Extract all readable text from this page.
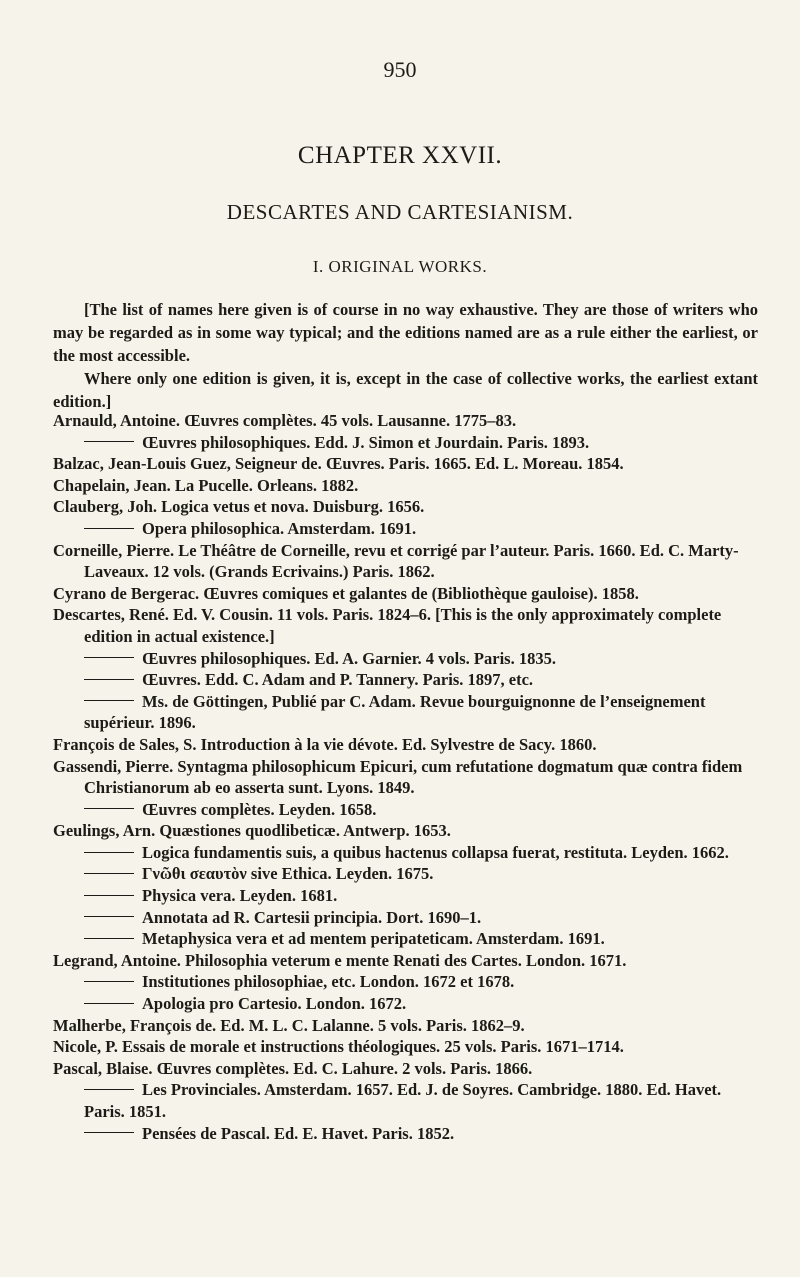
950
CHAPTER XXVII.
DESCARTES AND CARTESIANISM.
I. ORIGINAL WORKS.

[The list of names here given is of course in no way exhaustive. They are those of writers who may be regarded as in some way typical; and the editions named are as a rule either the earliest, or the most accessible.

Where only one edition is given, it is, except in the case of collective works, the earliest extant edition.]

Arnauld, Antoine. Œuvres complètes. 45 vols. Lausanne. 1775–83.

Œuvres philosophiques. Edd. J. Simon et Jourdain. Paris. 1893.

Balzac, Jean-Louis Guez, Seigneur de. Œuvres. Paris. 1665. Ed. L. Moreau. 1854.

Chapelain, Jean. La Pucelle. Orleans. 1882.

Clauberg, Joh. Logica vetus et nova. Duisburg. 1656.

Opera philosophica. Amsterdam. 1691.

Corneille, Pierre. Le Théâtre de Corneille, revu et corrigé par l’auteur. Paris. 1660. Ed. C. Marty-Laveaux. 12 vols. (Grands Ecrivains.) Paris. 1862.

Cyrano de Bergerac. Œuvres comiques et galantes de (Bibliothèque gauloise). 1858.

Descartes, René. Ed. V. Cousin. 11 vols. Paris. 1824–6. [This is the only approximately complete edition in actual existence.]

Œuvres philosophiques. Ed. A. Garnier. 4 vols. Paris. 1835.

Œuvres. Edd. C. Adam and P. Tannery. Paris. 1897, etc.

Ms. de Göttingen, Publié par C. Adam. Revue bourguignonne de l’enseignement supérieur. 1896.

François de Sales, S. Introduction à la vie dévote. Ed. Sylvestre de Sacy. 1860.

Gassendi, Pierre. Syntagma philosophicum Epicuri, cum refutatione dogmatum quæ contra fidem Christianorum ab eo asserta sunt. Lyons. 1849.

Œuvres complètes. Leyden. 1658.

Geulings, Arn. Quæstiones quodlibeticæ. Antwerp. 1653.

Logica fundamentis suis, a quibus hactenus collapsa fuerat, restituta. Leyden. 1662.

Γνῶθι σεαυτὸν sive Ethica. Leyden. 1675.

Physica vera. Leyden. 1681.

Annotata ad R. Cartesii principia. Dort. 1690–1.

Metaphysica vera et ad mentem peripateticam. Amsterdam. 1691.

Legrand, Antoine. Philosophia veterum e mente Renati des Cartes. London. 1671.

Institutiones philosophiae, etc. London. 1672 et 1678.

Apologia pro Cartesio. London. 1672.

Malherbe, François de. Ed. M. L. C. Lalanne. 5 vols. Paris. 1862–9.

Nicole, P. Essais de morale et instructions théologiques. 25 vols. Paris. 1671–1714.

Pascal, Blaise. Œuvres complètes. Ed. C. Lahure. 2 vols. Paris. 1866.

Les Provinciales. Amsterdam. 1657. Ed. J. de Soyres. Cambridge. 1880. Ed. Havet. Paris. 1851.

Pensées de Pascal. Ed. E. Havet. Paris. 1852.
